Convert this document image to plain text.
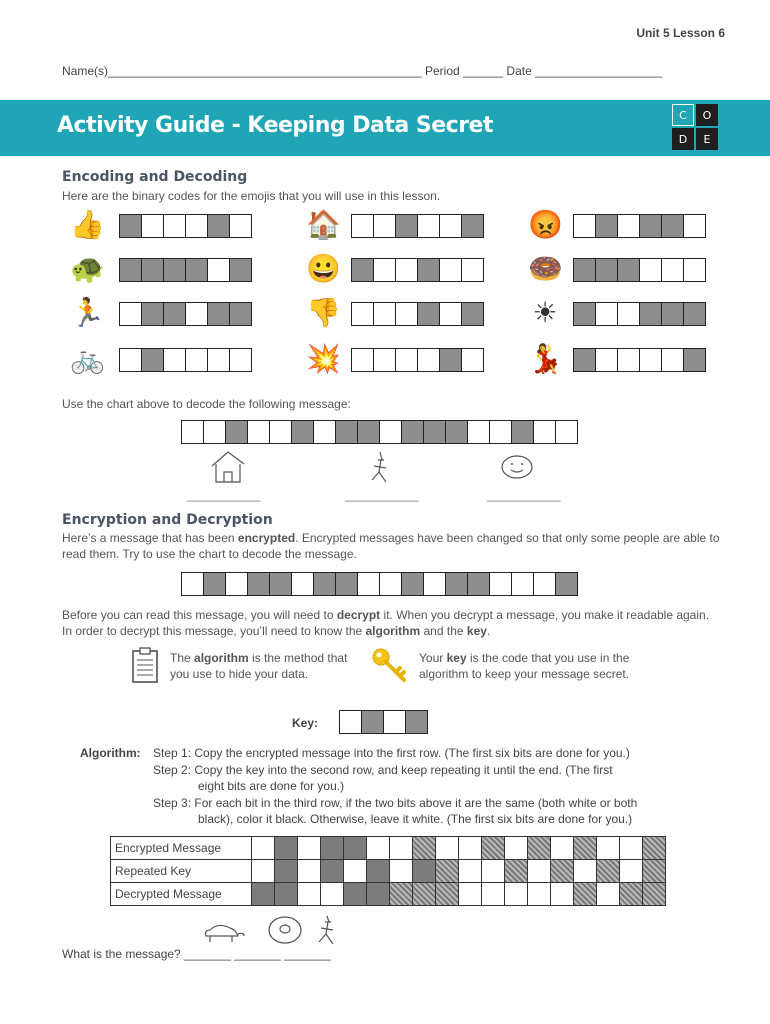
Unit 5 Lesson 6
Name(s)_______________________________________________ Period ______ Date ___________________
Activity Guide - Keeping Data Secret	C	O
D	E
Encoding and Decoding
Here are the binary codes for the emojis that you will use in this lesson.
👍	🏠	😡
🐢	😀	🍩
🏃	👎	☀
🚲	💥	💃
Use the chart above to decode the following message:
___________	___________	___________
Encryption and Decryption
Here’s a message that has been encrypted. Encrypted messages have been changed so that only some people are able to read them. Try to use the chart to decode the message.
Before you can read this message, you will need to decrypt it. When you decrypt a message, you make it readable again. In order to decrypt this message, you’ll need to know the algorithm and the key.
The algorithm is the method that you use to hide your data.
Your key is the code that you use in the algorithm to keep your message secret.
Key:
Algorithm: Step 1: Copy the encrypted message into the first row. (The first six bits are done for you.)
Step 2: Copy the key into the second row, and keep repeating it until the end. (The first
eight bits are done for you.)
Step 3: For each bit in the third row, if the two bits above it are the same (both white or both
black), color it black. Otherwise, leave it white. (The first six bits are done for you.)
Encrypted Message																		
Repeated Key																		
Decrypted Message																		
What is the message? _______ _______ _______
